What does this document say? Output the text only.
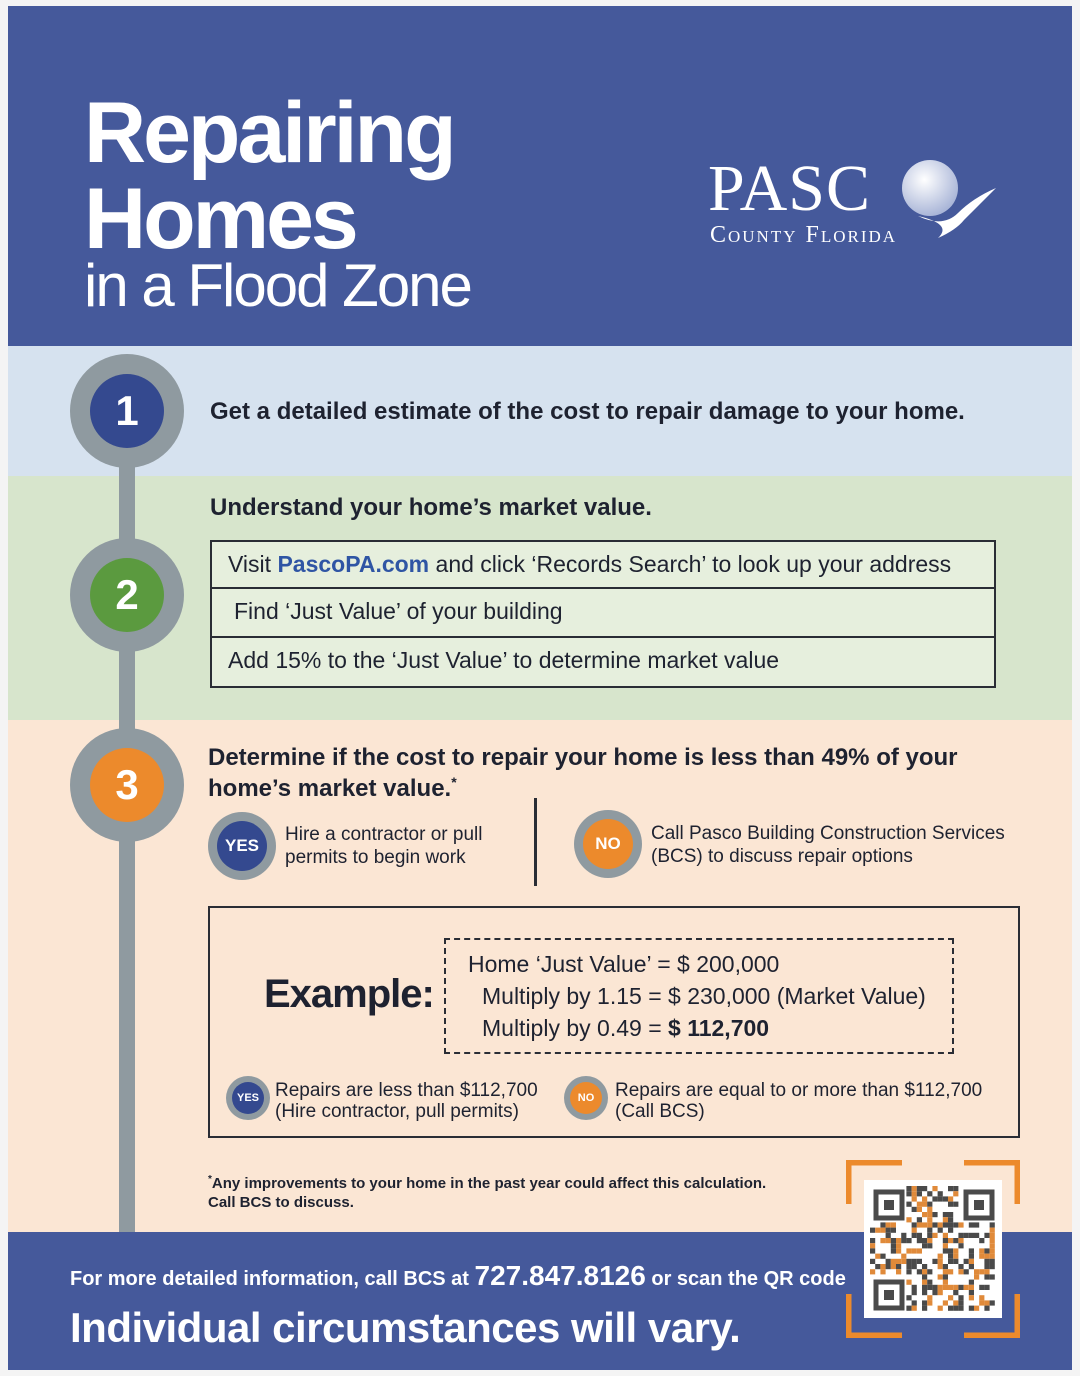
Repairing
Homes
in a Flood Zone
PASC
County Florida
1
2
3
Get a detailed estimate of the cost to repair damage to your home.
Understand your home’s market value.
Visit PascoPA.com and click ‘Records Search’ to look up your address
Find ‘Just Value’ of your building
Add 15% to the ‘Just Value’ to determine market value
Determine if the cost to repair your home is less than 49% of your
home’s market value.*
YES
Hire a contractor or pull
permits to begin work
NO	Call Pasco Building Construction Services
(BCS) to discuss repair options
Example:
Home ‘Just Value’ = $ 200,000
Multiply by 1.15 = $ 230,000 (Market Value)
Multiply by 0.49 = $ 112,700
YES Repairs are less than $112,700
(Hire contractor, pull permits)
NO	Repairs are equal to or more than $112,700
(Call BCS)
*Any improvements to your home in the past year could affect this calculation.
Call BCS to discuss.
For more detailed information, call BCS at 727.847.8126 or scan the QR code
Individual circumstances will vary.
